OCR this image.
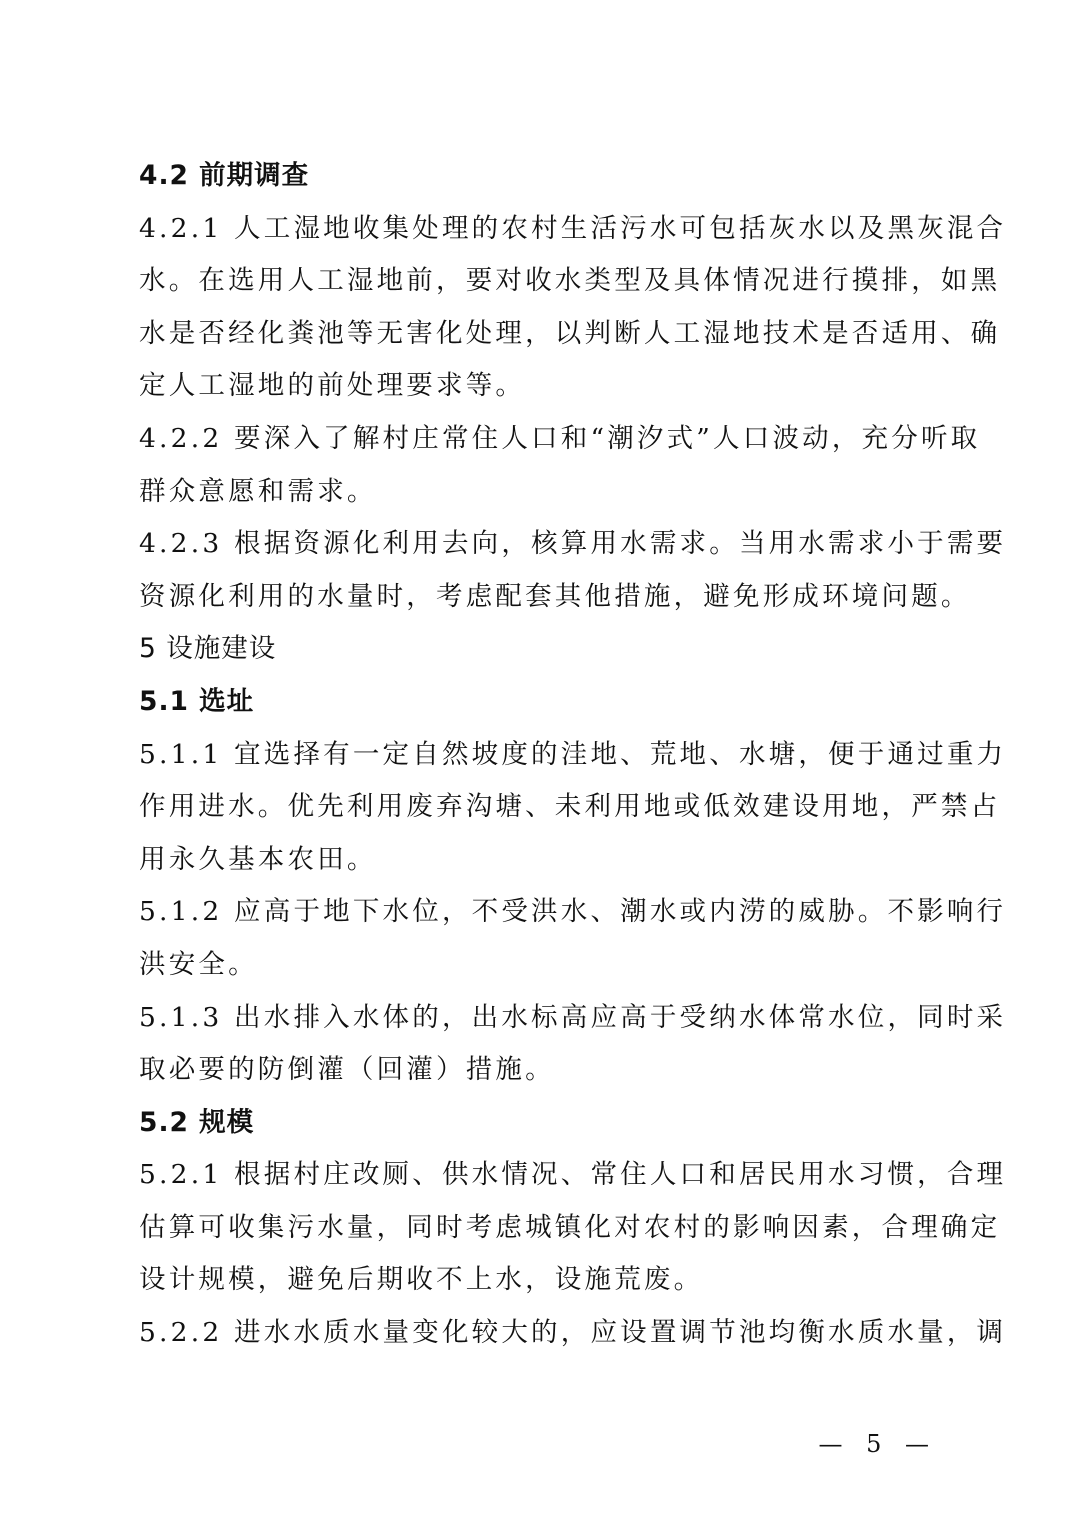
4.2 前期调查
4.2.1 人工湿地收集处理的农村生活污水可包括灰水以及黑灰混合
水。在选用人工湿地前，要对收水类型及具体情况进行摸排，如黑
水是否经化粪池等无害化处理，以判断人工湿地技术是否适用、确
定人工湿地的前处理要求等。
4.2.2 要深入了解村庄常住人口和“潮汐式”人口波动，充分听取
群众意愿和需求。
4.2.3 根据资源化利用去向，核算用水需求。当用水需求小于需要
资源化利用的水量时，考虑配套其他措施，避免形成环境问题。
5 设施建设
5.1 选址
5.1.1 宜选择有一定自然坡度的洼地、荒地、水塘，便于通过重力
作用进水。优先利用废弃沟塘、未利用地或低效建设用地，严禁占
用永久基本农田。
5.1.2 应高于地下水位，不受洪水、潮水或内涝的威胁。不影响行
洪安全。
5.1.3 出水排入水体的，出水标高应高于受纳水体常水位，同时采
取必要的防倒灌（回灌）措施。
5.2 规模
5.2.1 根据村庄改厕、供水情况、常住人口和居民用水习惯，合理
估算可收集污水量，同时考虑城镇化对农村的影响因素，合理确定
设计规模，避免后期收不上水，设施荒废。
5.2.2 进水水质水量变化较大的，应设置调节池均衡水质水量，调
— 5 —
